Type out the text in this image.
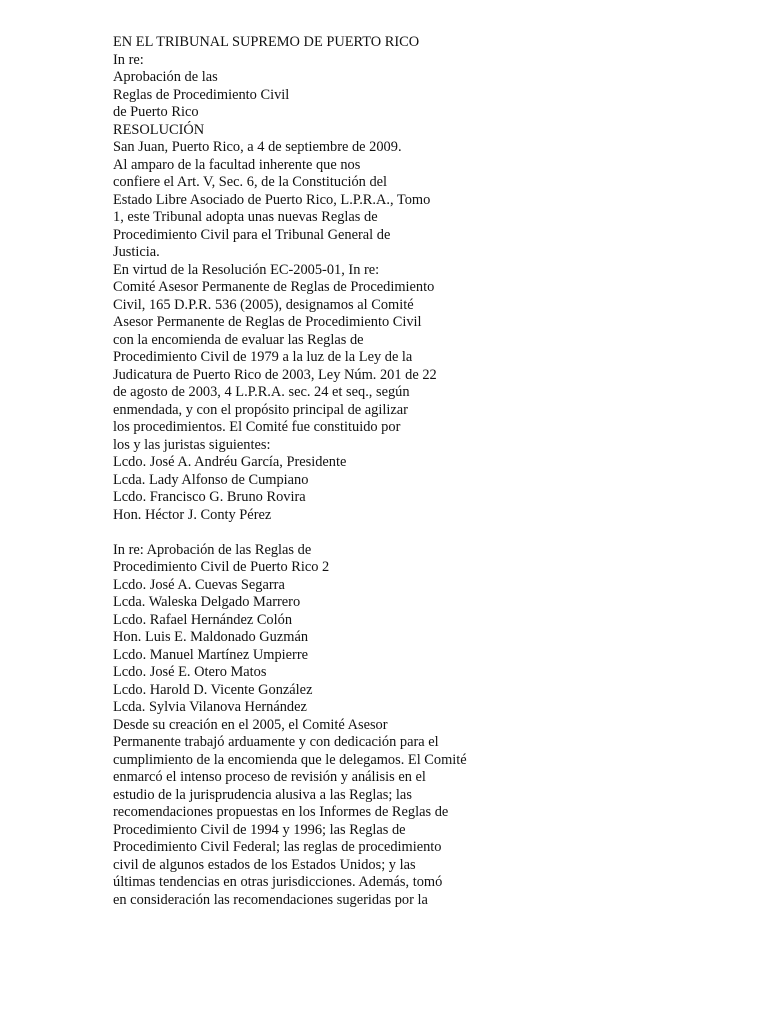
EN EL TRIBUNAL SUPREMO DE PUERTO RICO
In re:
Aprobación de las
Reglas de Procedimiento Civil
de Puerto Rico
RESOLUCIÓN
San Juan, Puerto Rico, a 4 de septiembre de 2009.
Al amparo de la facultad inherente que nos
confiere el Art. V, Sec. 6, de la Constitución del
Estado Libre Asociado de Puerto Rico, L.P.R.A., Tomo
1, este Tribunal adopta unas nuevas Reglas de
Procedimiento Civil para el Tribunal General de
Justicia.
En virtud de la Resolución EC-2005-01, In re:
Comité Asesor Permanente de Reglas de Procedimiento
Civil, 165 D.P.R. 536 (2005), designamos al Comité
Asesor Permanente de Reglas de Procedimiento Civil
con la encomienda de evaluar las Reglas de
Procedimiento Civil de 1979 a la luz de la Ley de la
Judicatura de Puerto Rico de 2003, Ley Núm. 201 de 22
de agosto de 2003, 4 L.P.R.A. sec. 24 et seq., según
enmendada, y con el propósito principal de agilizar
los procedimientos. El Comité fue constituido por
los y las juristas siguientes:
Lcdo. José A. Andréu García, Presidente
Lcda. Lady Alfonso de Cumpiano
Lcdo. Francisco G. Bruno Rovira
Hon. Héctor J. Conty Pérez
In re: Aprobación de las Reglas de
Procedimiento Civil de Puerto Rico 2
Lcdo. José A. Cuevas Segarra
Lcda. Waleska Delgado Marrero
Lcdo. Rafael Hernández Colón
Hon. Luis E. Maldonado Guzmán
Lcdo. Manuel Martínez Umpierre
Lcdo. José E. Otero Matos
Lcdo. Harold D. Vicente González
Lcda. Sylvia Vilanova Hernández
Desde su creación en el 2005, el Comité Asesor
Permanente trabajó arduamente y con dedicación para el
cumplimiento de la encomienda que le delegamos. El Comité
enmarcó el intenso proceso de revisión y análisis en el
estudio de la jurisprudencia alusiva a las Reglas; las
recomendaciones propuestas en los Informes de Reglas de
Procedimiento Civil de 1994 y 1996; las Reglas de
Procedimiento Civil Federal; las reglas de procedimiento
civil de algunos estados de los Estados Unidos; y las
últimas tendencias en otras jurisdicciones. Además, tomó
en consideración las recomendaciones sugeridas por la
